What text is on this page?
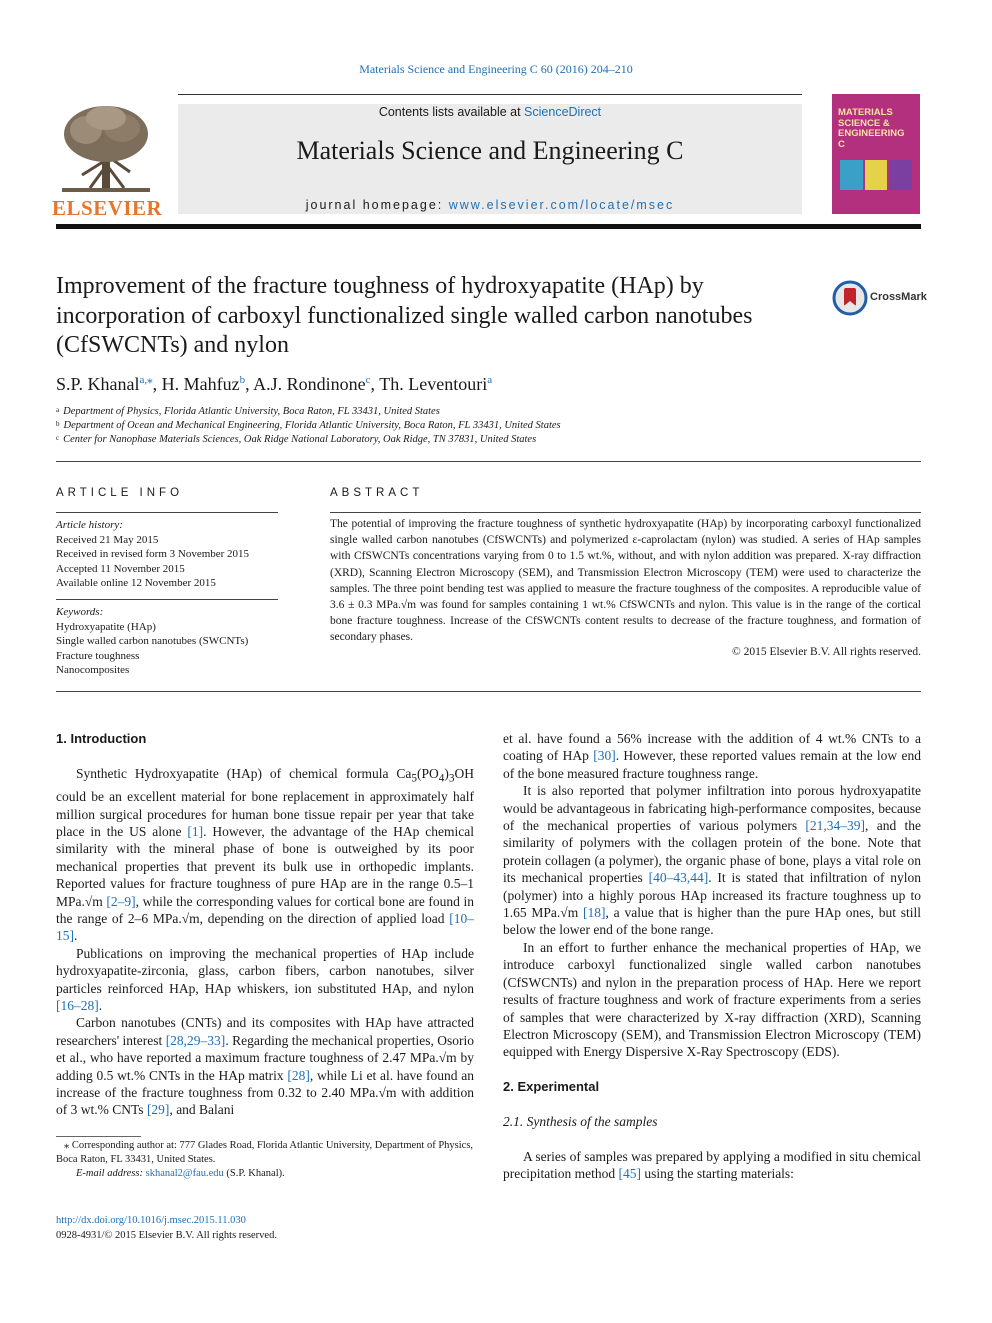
Materials Science and Engineering C 60 (2016) 204–210
ELSEVIER
Contents lists available at ScienceDirect
Materials Science and Engineering C
journal homepage: www.elsevier.com/locate/msec
MATERIALS
SCIENCE &
ENGINEERING
C
Improvement of the fracture toughness of hydroxyapatite (HAp) by incorporation of carboxyl functionalized single walled carbon nanotubes (CfSWCNTs) and nylon
CrossMark
S.P. Khanal$^{a,⁎}$, H. Mahfuz$^b$, A.J. Rondinone$^c$, Th. Leventouri$^a$
$^a$ Department of Physics, Florida Atlantic University, Boca Raton, FL 33431, United States
$^b$ Department of Ocean and Mechanical Engineering, Florida Atlantic University, Boca Raton, FL 33431, United States
$^c$ Center for Nanophase Materials Sciences, Oak Ridge National Laboratory, Oak Ridge, TN 37831, United States
ARTICLE INFO
Article history:
Received 21 May 2015
Received in revised form 3 November 2015
Accepted 11 November 2015
Available online 12 November 2015
Keywords:
Hydroxyapatite (HAp)
Single walled carbon nanotubes (SWCNTs)
Fracture toughness
Nanocomposites
ABSTRACT
The potential of improving the fracture toughness of synthetic hydroxyapatite (HAp) by incorporating carboxyl functionalized single walled carbon nanotubes (CfSWCNTs) and polymerized ε-caprolactam (nylon) was studied. A series of HAp samples with CfSWCNTs concentrations varying from 0 to 1.5 wt.%, without, and with nylon addition was prepared. X-ray diffraction (XRD), Scanning Electron Microscopy (SEM), and Transmission Electron Microscopy (TEM) were used to characterize the samples. The three point bending test was applied to measure the fracture toughness of the composites. A reproducible value of 3.6 ± 0.3 MPa.√m was found for samples containing 1 wt.% CfSWCNTs and nylon. This value is in the range of the cortical bone fracture toughness. Increase of the CfSWCNTs content results to decrease of the fracture toughness, and formation of secondary phases.
© 2015 Elsevier B.V. All rights reserved.
1. Introduction

Synthetic Hydroxyapatite (HAp) of chemical formula $Ca_5(PO_4)_3OH$ could be an excellent material for bone replacement in approximately half million surgical procedures for human bone tissue repair per year that take place in the US alone [1]. However, the advantage of the HAp chemical similarity with the mineral phase of bone is outweighed by its poor mechanical properties that prevent its bulk use in orthopedic implants. Reported values for fracture toughness of pure HAp are in the range 0.5–1 MPa.√m [2–9], while the corresponding values for cortical bone are found in the range of 2–6 MPa.√m, depending on the direction of applied load [10–15].

Publications on improving the mechanical properties of HAp include hydroxyapatite-zirconia, glass, carbon fibers, carbon nanotubes, silver particles reinforced HAp, HAp whiskers, ion substituted HAp, and nylon [16–28].

Carbon nanotubes (CNTs) and its composites with HAp have attracted researchers' interest [28,29–33]. Regarding the mechanical properties, Osorio et al., who have reported a maximum fracture toughness of 2.47 MPa.√m by adding 0.5 wt.% CNTs in the HAp matrix [28], while Li et al. have found an increase of the fracture toughness from 0.32 to 2.40 MPa.√m with addition of 3 wt.% CNTs [29], and Balani

⁎ Corresponding author at: 777 Glades Road, Florida Atlantic University, Department of Physics, Boca Raton, FL 33431, United States.
E-mail address: skhanal2@fau.edu (S.P. Khanal).
http://dx.doi.org/10.1016/j.msec.2015.11.030
0928-4931/© 2015 Elsevier B.V. All rights reserved.

et al. have found a 56% increase with the addition of 4 wt.% CNTs to a coating of HAp [30]. However, these reported values remain at the low end of the bone measured fracture toughness range.

It is also reported that polymer infiltration into porous hydroxyapatite would be advantageous in fabricating high-performance composites, because of the mechanical properties of various polymers [21,34–39], and the similarity of polymers with the collagen protein of the bone. Note that protein collagen (a polymer), the organic phase of bone, plays a vital role on its mechanical properties [40–43,44]. It is stated that infiltration of nylon (polymer) into a highly porous HAp increased its fracture toughness up to 1.65 MPa.√m [18], a value that is higher than the pure HAp ones, but still below the lower end of the bone range.

In an effort to further enhance the mechanical properties of HAp, we introduce carboxyl functionalized single walled carbon nanotubes (CfSWCNTs) and nylon in the preparation process of HAp. Here we report results of fracture toughness and work of fracture experiments from a series of samples that were characterized by X-ray diffraction (XRD), Scanning Electron Microscopy (SEM), and Transmission Electron Microscopy (TEM) equipped with Energy Dispersive X-Ray Spectroscopy (EDS).

2. Experimental
2.1. Synthesis of the samples

A series of samples was prepared by applying a modified in situ chemical precipitation method [45] using the starting materials:
